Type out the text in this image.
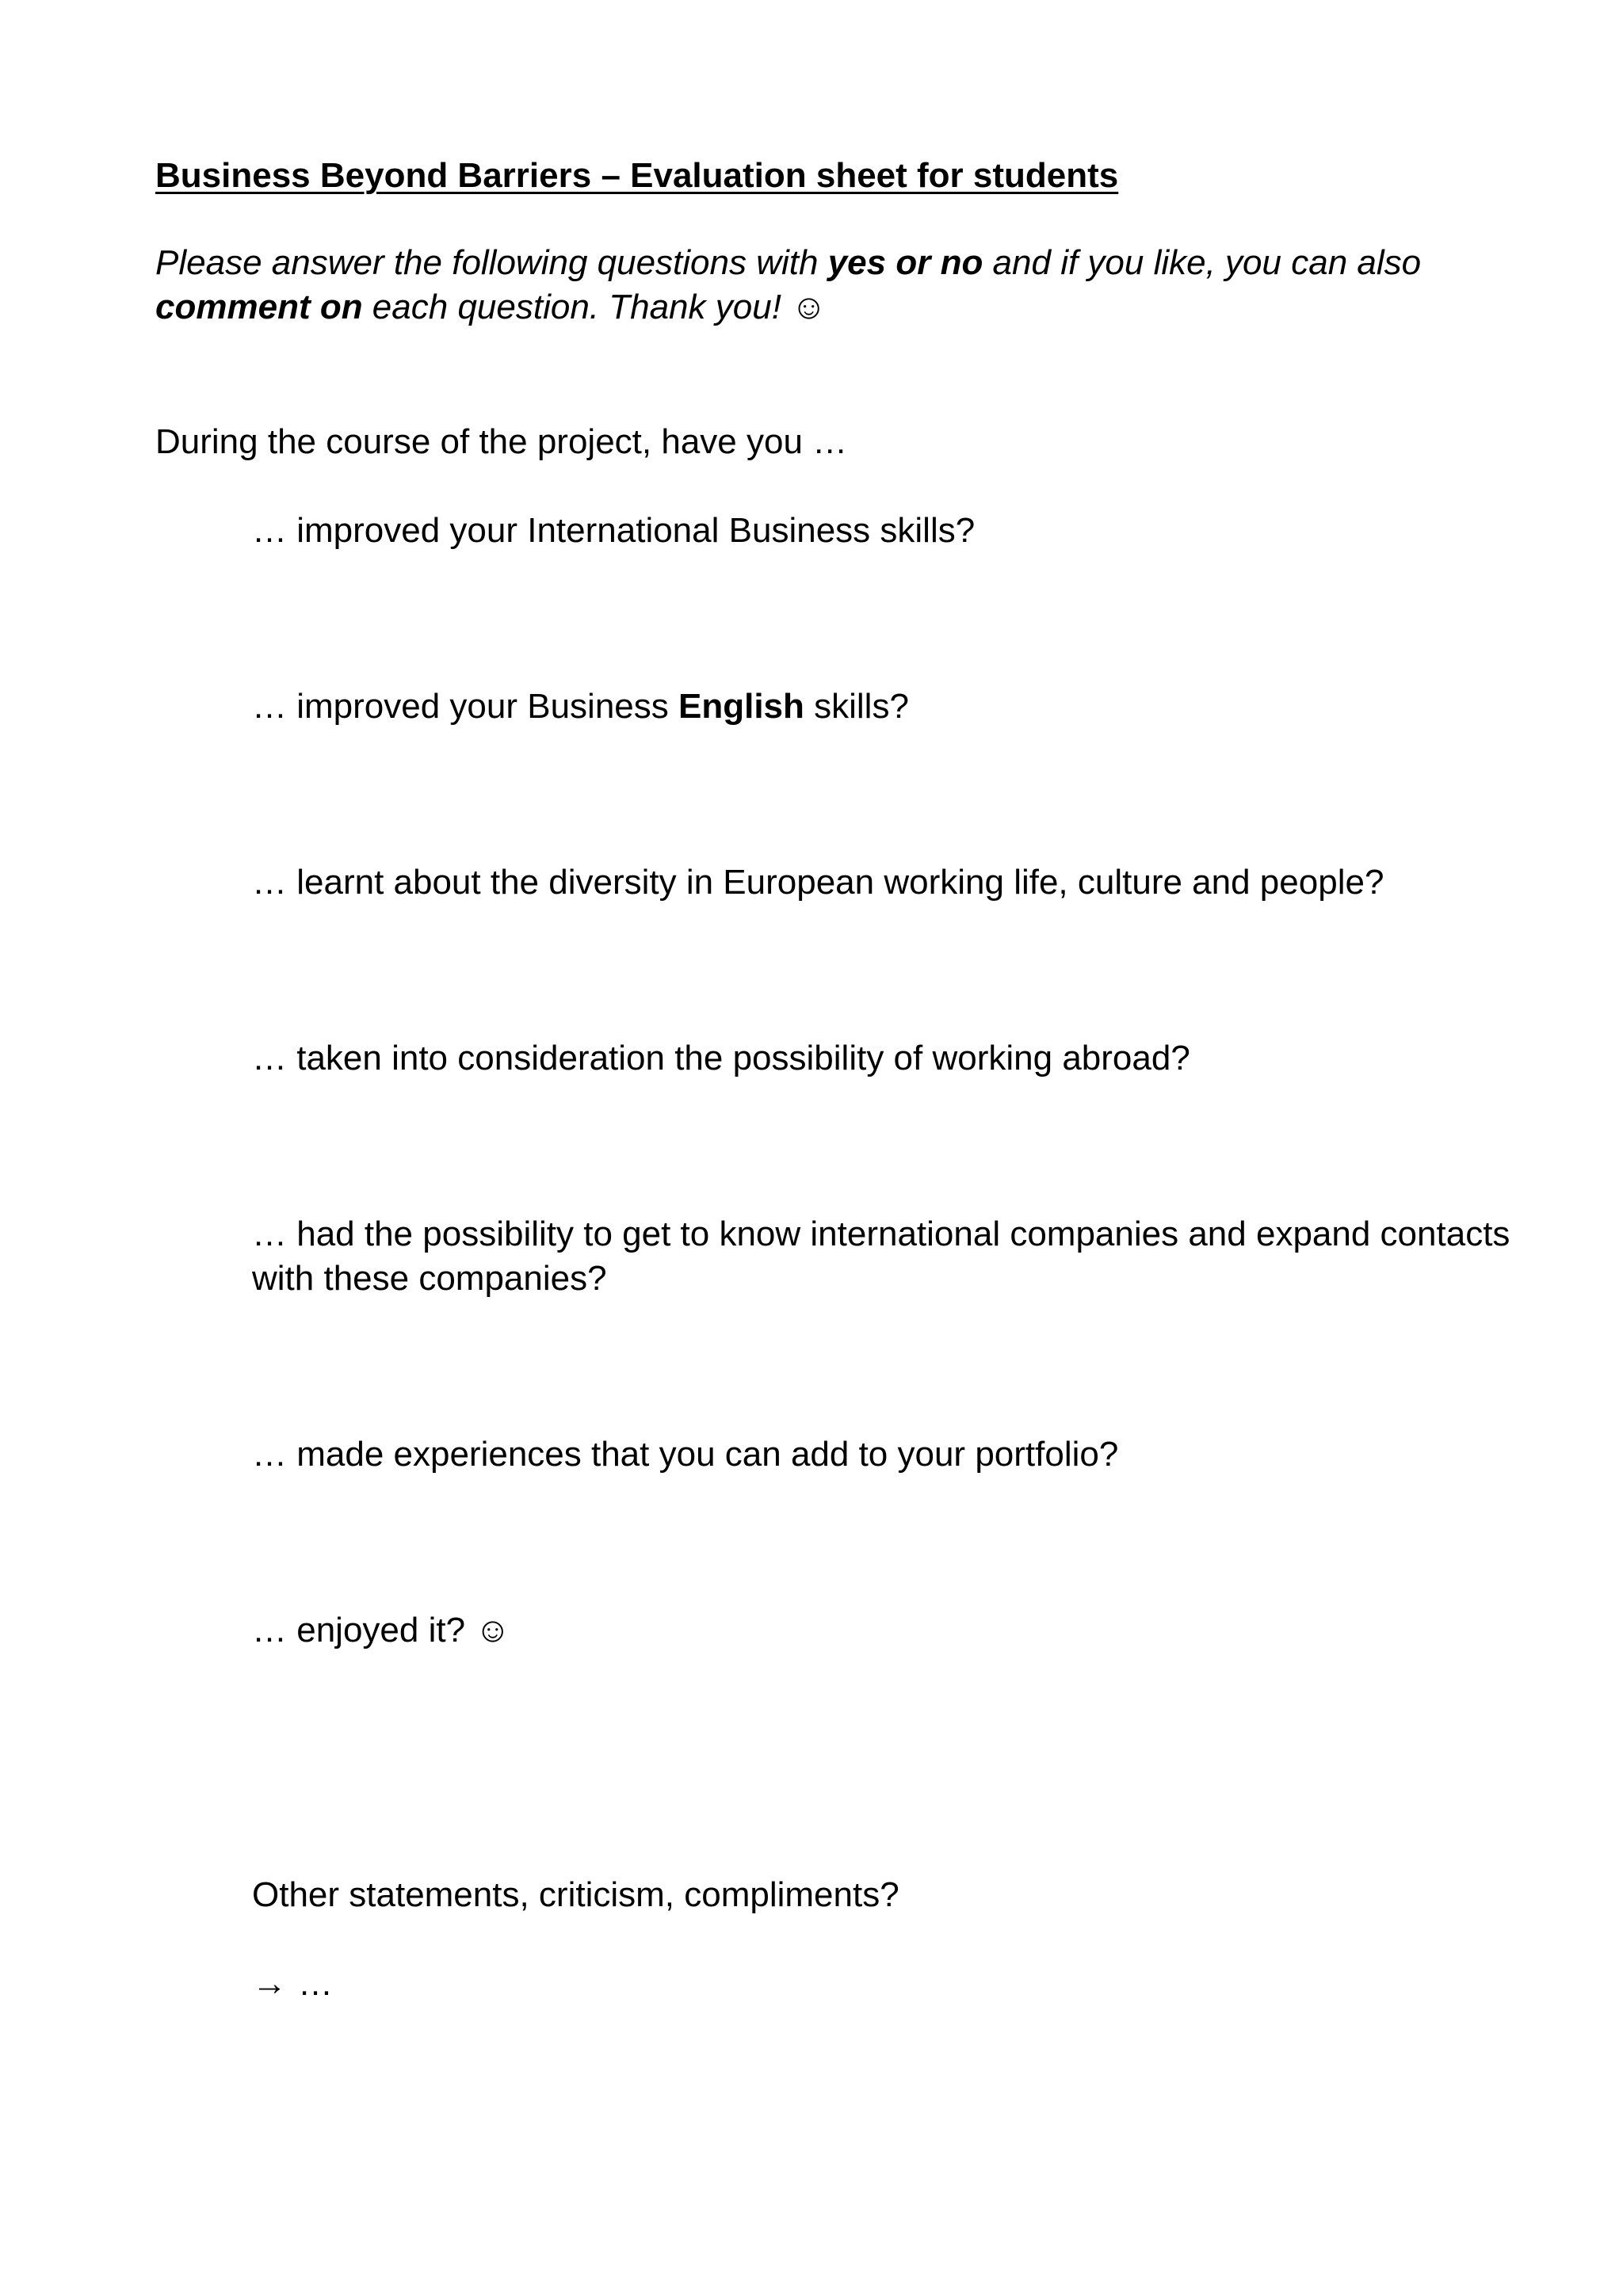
Business Beyond Barriers – Evaluation sheet for students

Please answer the following questions with yes or no and if you like, you can also comment on each question. Thank you! ☺

During the course of the project, have you …

… improved your International Business skills?

… improved your Business English skills?

… learnt about the diversity in European working life, culture and people?

… taken into consideration the possibility of working abroad?

… had the possibility to get to know international companies and expand contacts with these companies?

… made experiences that you can add to your portfolio?

… enjoyed it? ☺

Other statements, criticism, compliments?

→ …
